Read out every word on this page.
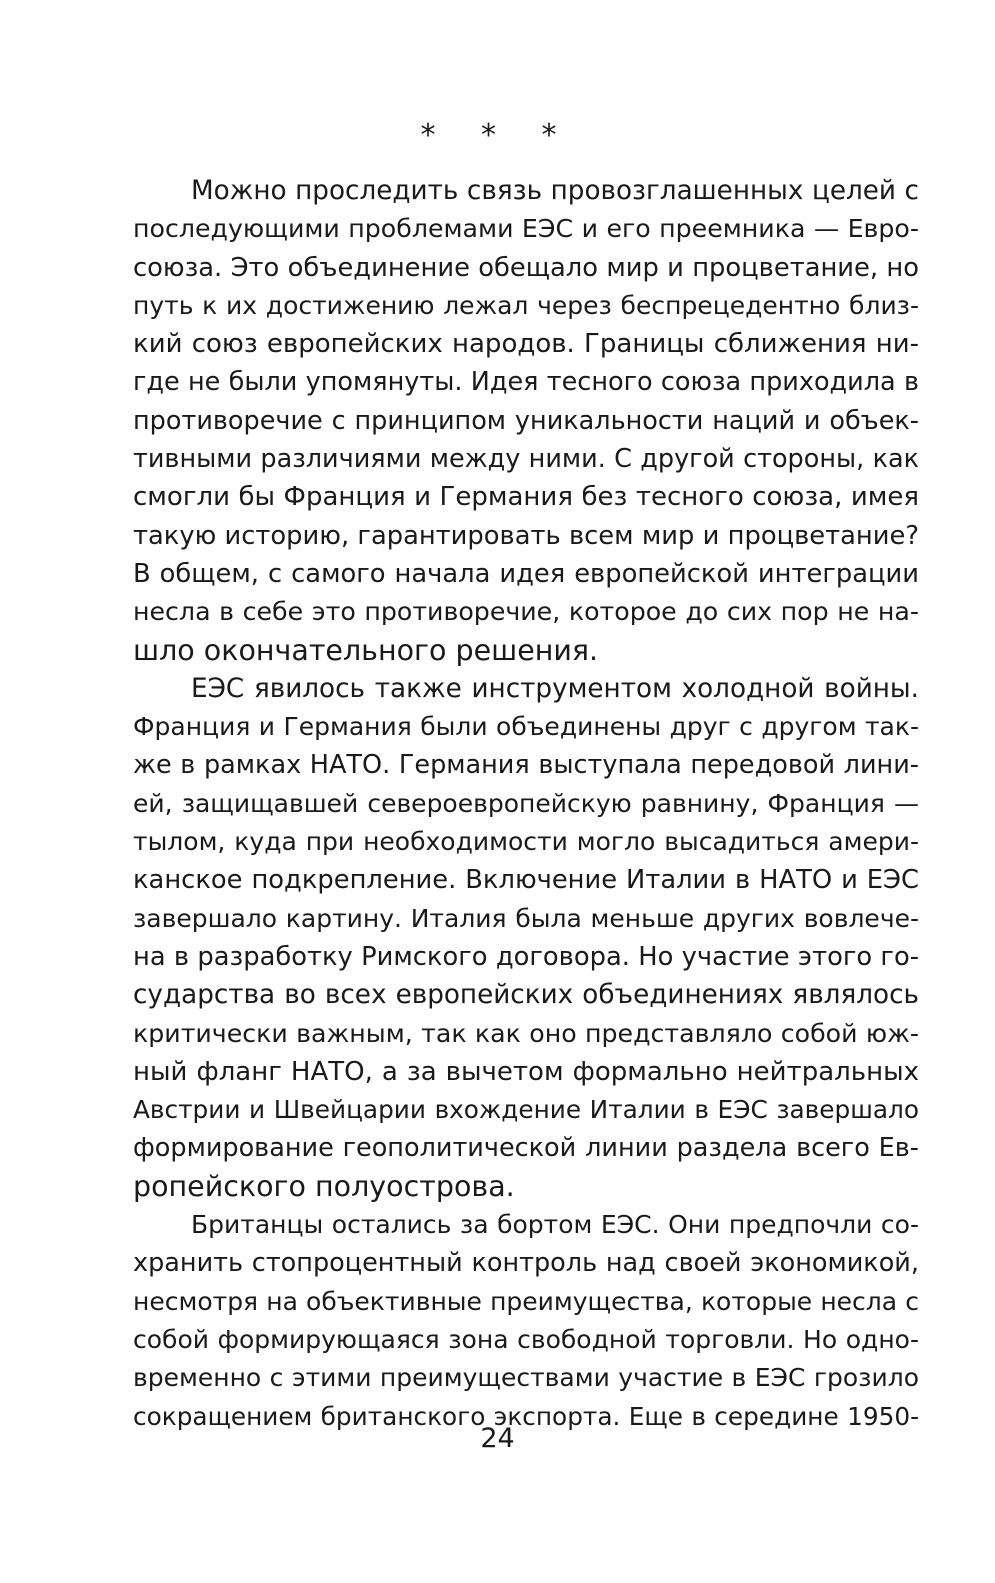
* * *
Можно проследить связь провозглашенных целей с
последующими проблемами ЕЭС и его преемника — Евро-
союза. Это объединение обещало мир и процветание, но
путь к их достижению лежал через беспрецедентно близ-
кий союз европейских народов. Границы сближения ни-
где не были упомянуты. Идея тесного союза приходила в
противоречие с принципом уникальности наций и объек-
тивными различиями между ними. С другой стороны, как
смогли бы Франция и Германия без тесного союза, имея
такую историю, гарантировать всем мир и процветание?
В общем, с самого начала идея европейской интеграции
несла в себе это противоречие, которое до сих пор не на-
шло окончательного решения.
ЕЭС явилось также инструментом холодной войны.
Франция и Германия были объединены друг с другом так-
же в рамках НАТО. Германия выступала передовой лини-
ей, защищавшей североевропейскую равнину, Франция —
тылом, куда при необходимости могло высадиться амери-
канское подкрепление. Включение Италии в НАТО и ЕЭС
завершало картину. Италия была меньше других вовлече-
на в разработку Римского договора. Но участие этого го-
сударства во всех европейских объединениях являлось
критически важным, так как оно представляло собой юж-
ный фланг НАТО, а за вычетом формально нейтральных
Австрии и Швейцарии вхождение Италии в ЕЭС завершало
формирование геополитической линии раздела всего Ев-
ропейского полуострова.
Британцы остались за бортом ЕЭС. Они предпочли со-
хранить стопроцентный контроль над своей экономикой,
несмотря на объективные преимущества, которые несла с
собой формирующаяся зона свободной торговли. Но одно-
временно с этими преимуществами участие в ЕЭС грозило
сокращением британского экспорта. Еще в середине 1950-
24
